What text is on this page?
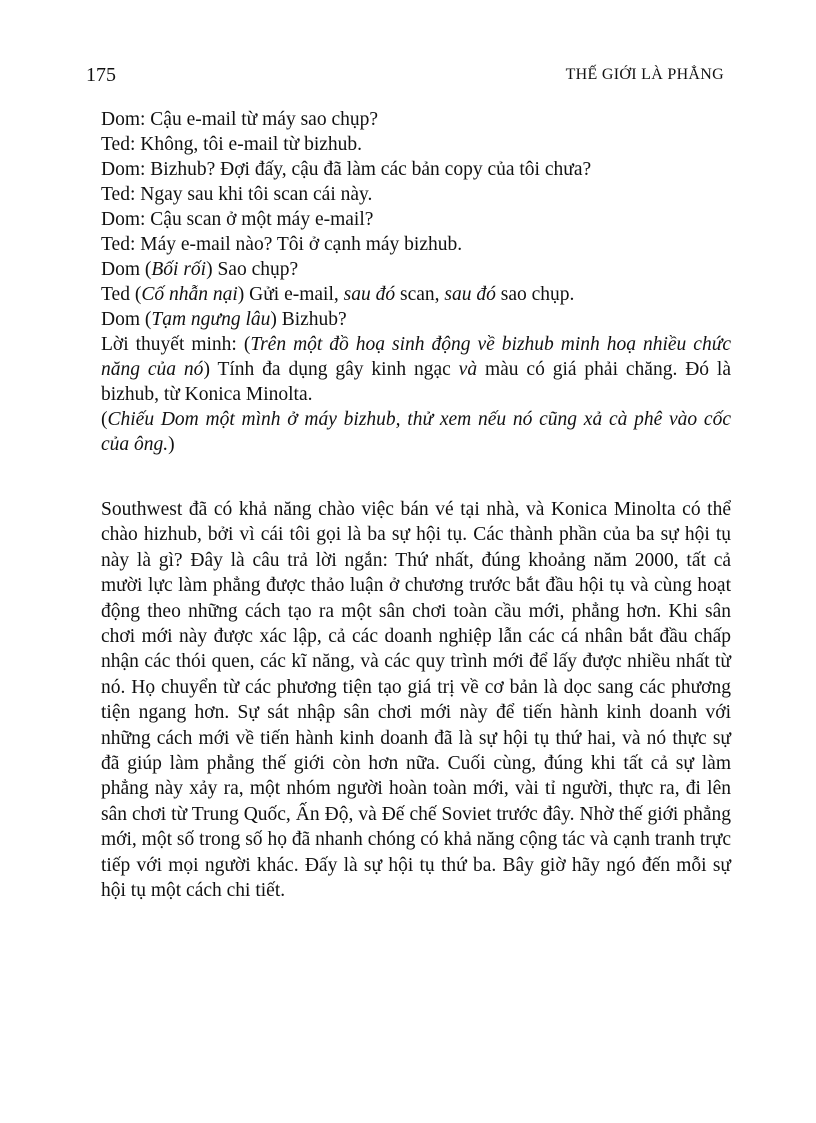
175	THẾ GIỚI LÀ PHẲNG

Dom: Cậu e-mail từ máy sao chụp?

Ted: Không, tôi e-mail từ bizhub.

Dom: Bizhub? Đợi đấy, cậu đã làm các bản copy của tôi chưa?

Ted: Ngay sau khi tôi scan cái này.

Dom: Cậu scan ở một máy e-mail?

Ted: Máy e-mail nào? Tôi ở cạnh máy bizhub.

Dom (Bối rối) Sao chụp?

Ted (Cố nhẫn nại) Gửi e-mail, sau đó scan, sau đó sao chụp.

Dom (Tạm ngưng lâu) Bizhub?

Lời thuyết minh: (Trên một đồ hoạ sinh động về bizhub minh hoạ nhiều chức năng của nó) Tính đa dụng gây kinh ngạc và màu có giá phải chăng. Đó là bizhub, từ Konica Minolta.

(Chiếu Dom một mình ở máy bizhub, thử xem nếu nó cũng xả cà phê vào cốc của ông.)

Southwest đã có khả năng chào việc bán vé tại nhà, và Konica Minolta có thể chào hizhub, bởi vì cái tôi gọi là ba sự hội tụ. Các thành phần của ba sự hội tụ này là gì? Đây là câu trả lời ngắn: Thứ nhất, đúng khoảng năm 2000, tất cả mười lực làm phẳng được thảo luận ở chương trước bắt đầu hội tụ và cùng hoạt động theo những cách tạo ra một sân chơi toàn cầu mới, phẳng hơn. Khi sân chơi mới này được xác lập, cả các doanh nghiệp lẫn các cá nhân bắt đầu chấp nhận các thói quen, các kĩ năng, và các quy trình mới để lấy được nhiều nhất từ nó. Họ chuyển từ các phương tiện tạo giá trị về cơ bản là dọc sang các phương tiện ngang hơn. Sự sát nhập sân chơi mới này để tiến hành kinh doanh với những cách mới về tiến hành kinh doanh đã là sự hội tụ thứ hai, và nó thực sự đã giúp làm phẳng thế giới còn hơn nữa. Cuối cùng, đúng khi tất cả sự làm phẳng này xảy ra, một nhóm người hoàn toàn mới, vài tỉ người, thực ra, đi lên sân chơi từ Trung Quốc, Ấn Độ, và Đế chế Soviet trước đây. Nhờ thế giới phẳng mới, một số trong số họ đã nhanh chóng có khả năng cộng tác và cạnh tranh trực tiếp với mọi người khác. Đấy là sự hội tụ thứ ba. Bây giờ hãy ngó đến mỗi sự hội tụ một cách chi tiết.
